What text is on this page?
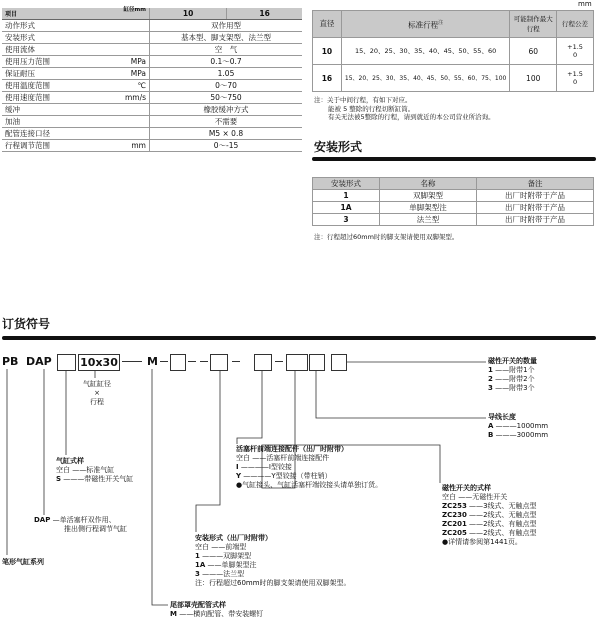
mm
项目
缸径mm		10	16
动作形式		双作用型	
安装形式		基本型、脚支架型、法兰型	
使用流体		空　气	
使用压力范围	MPa	0.1～0.7	
保证耐压	MPa	1.05	
使用温度范围	℃	0～70	
使用速度范围	mm/s	50～750	
缓冲		橡胶缓冲方式	
加油		不需要	
配管连接口径		M5 × 0.8	
行程调节范围	mm	0～-15	
直径	标准行程$^注$	可能制作最大行程	行程公差
10	15、20、25、30、35、40、45、50、55、60	60	+1.5
0

16	15、20、25、30、35、40、45、50、55、60、75、100	100	+1.5
0
注：关于中间行程，有如下对应。
能被 5 整除的行程切断缸筒。
有关无法被5整除的行程，请到就近的本公司营业所洽询。
安装形式
安装形式	名称	备注
1	双脚架型	出厂时附带于产品
1A	单脚架型注	出厂时附带于产品
3	法兰型	出厂时附带于产品
注：行程超过60mm时的脚支架请使用双脚架型。
订货符号
PB DAP	10x30	M
气缸缸径
×
行程
磁性开关的数量
1 ——附带1个
2 ——附带2个
3 ——附带3个
导线长度
A ———1000mm
B ———3000mm
磁性开关的式样
空白 ——无磁性开关
ZC253 ——3线式、无触点型
ZC230 ——2线式、无触点型
ZC201 ——2线式、有触点型
ZC205 ——2线式、有触点型
●详情请参阅第1441页。
活塞杆前端连接配件（出厂时附带）
空白 ——活塞杆前端连接配件
I ————I型铰接
Y ————Y型铰接（带柱销）
●气缸接头、气缸活塞杆端铰接头请单独订货。
气缸式样
空白 ——标准气缸
S ———带磁性开关气缸
DAP —单活塞杆双作用、
推出侧行程调节气缸
笔形气缸系列
安装形式（出厂时附带）
空白 ——前端型
1 ———双脚架型
1A ——单脚架型注
3 ———法兰型
注：行程超过60mm时的脚支架请使用双脚架型。
尾部罩壳配管式样
M ——横向配管、带安装螺钉
